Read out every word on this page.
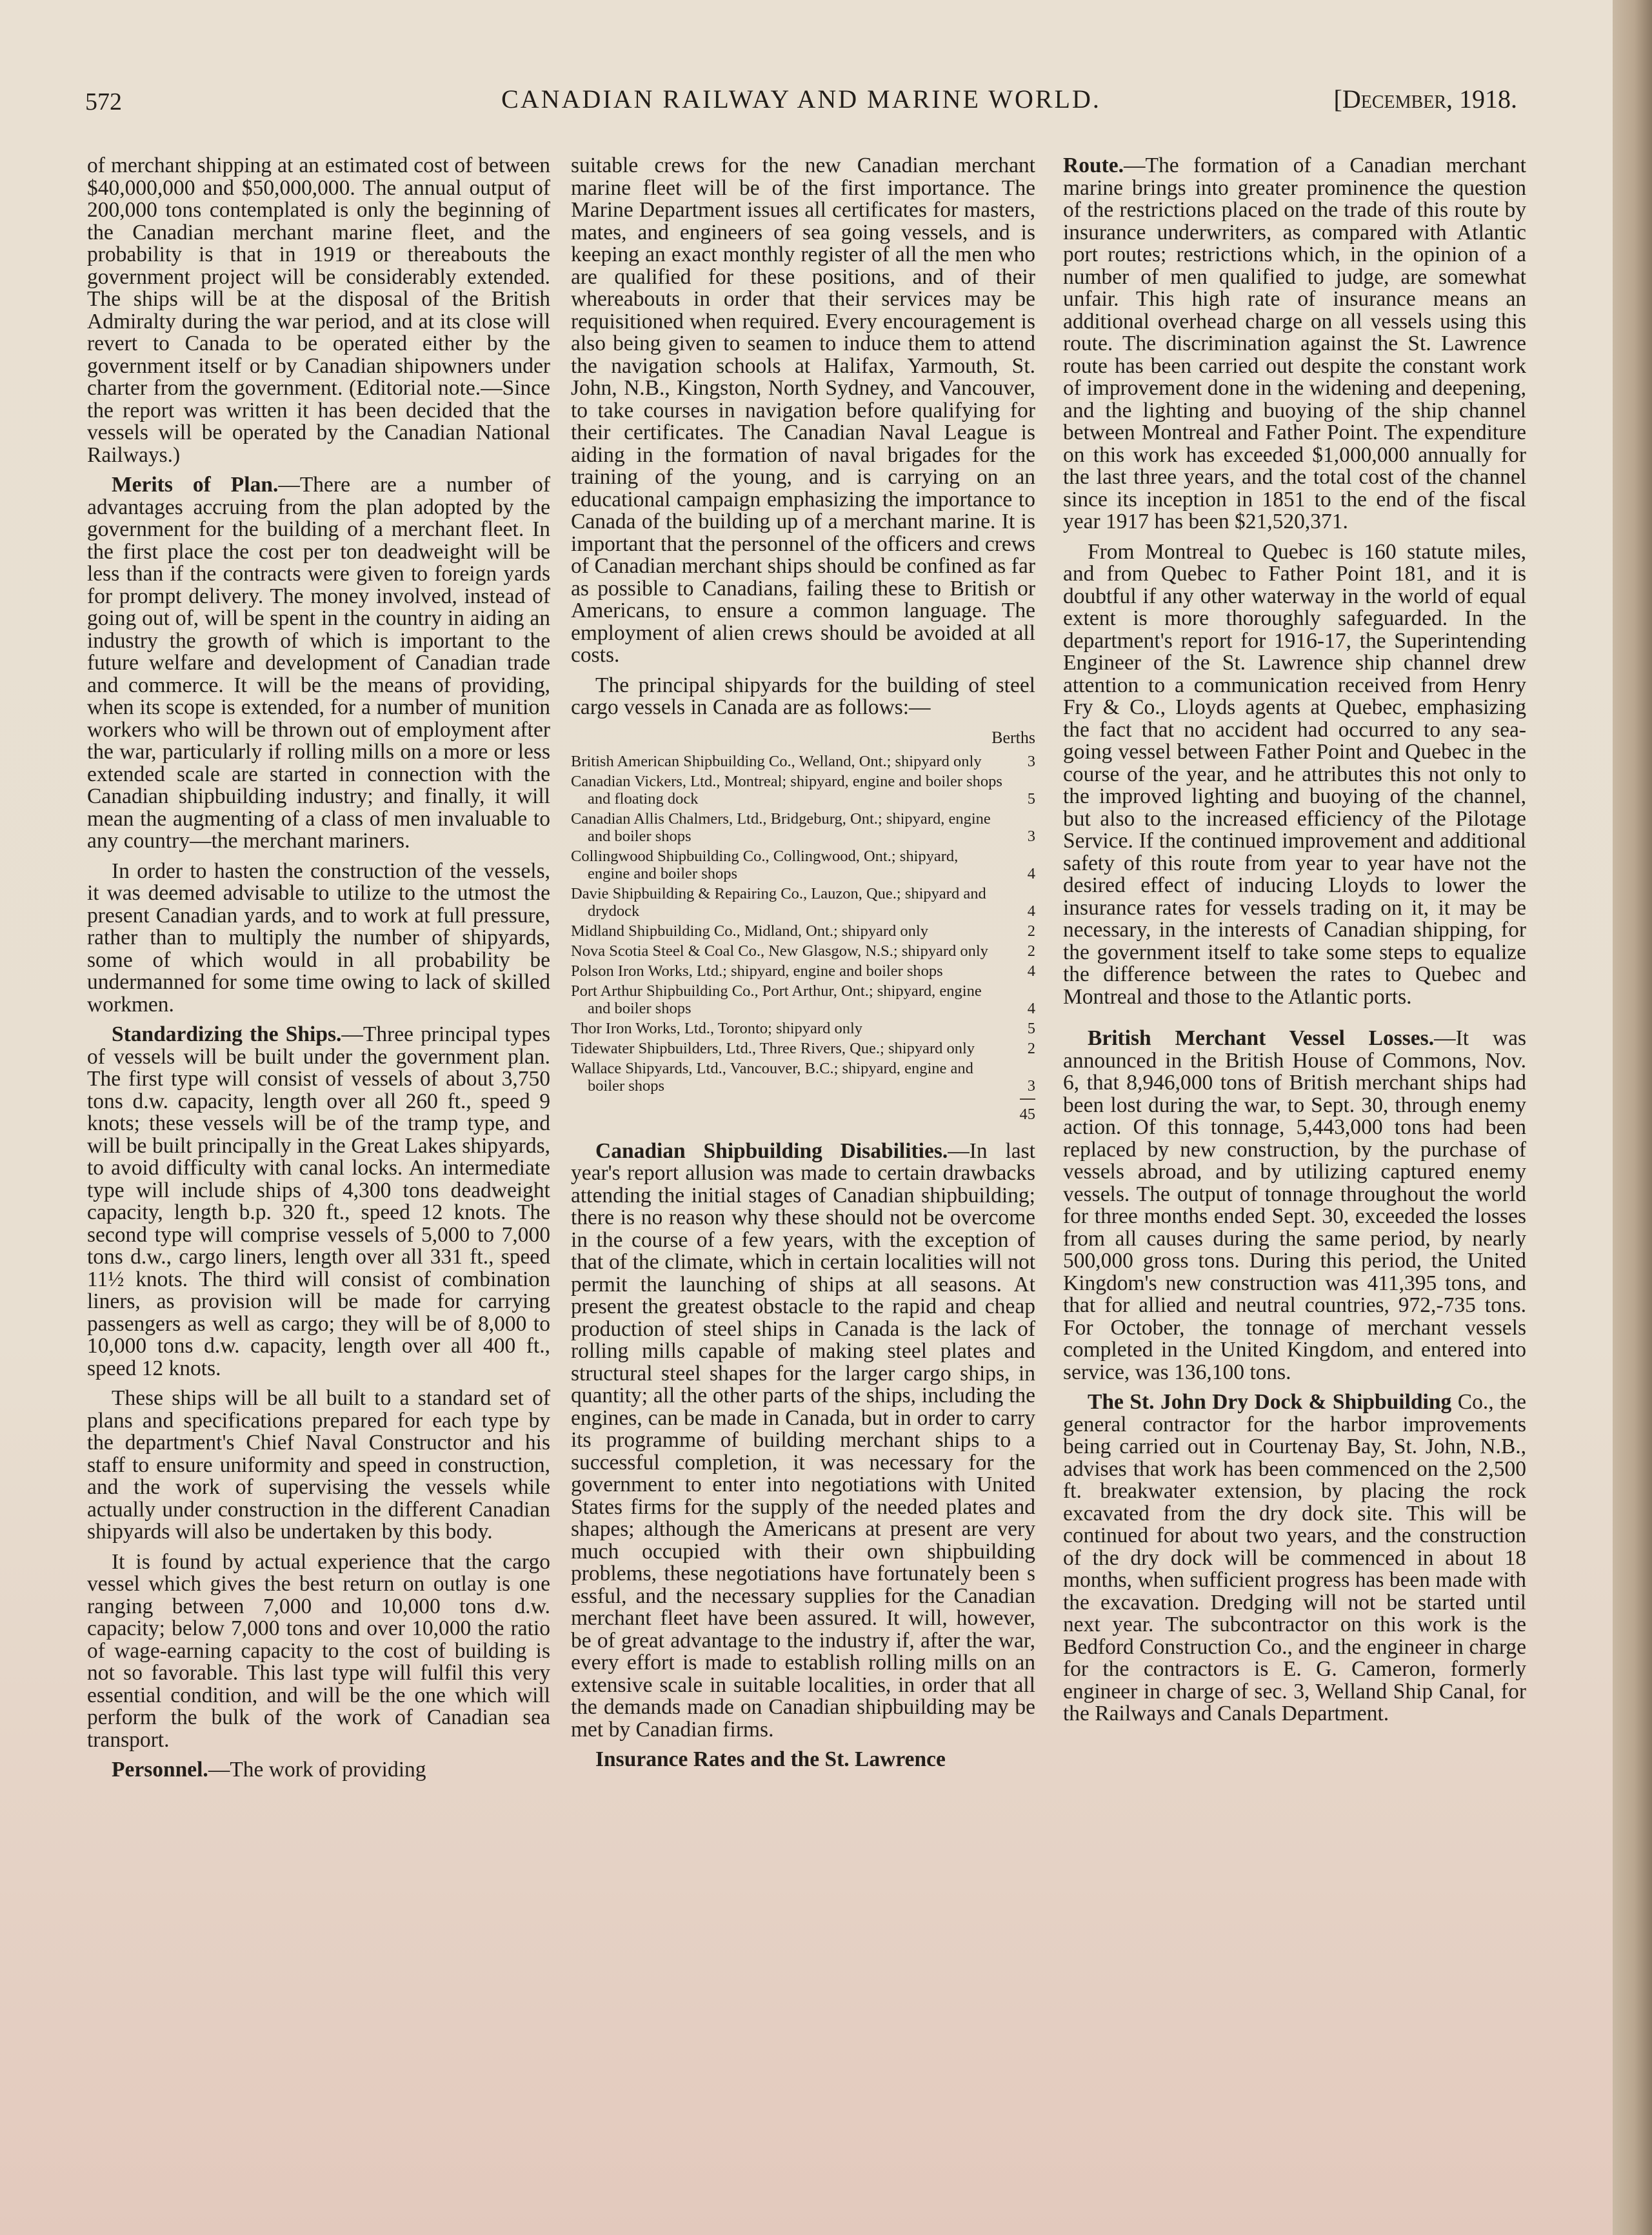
572	CANADIAN RAILWAY AND MARINE WORLD.	[December, 1918.

of merchant shipping at an estimated cost of between $40,000,000 and $50,000,000. The annual output of 200,000 tons contemplated is only the beginning of the Canadian merchant marine fleet, and the probability is that in 1919 or thereabouts the government project will be considerably extended. The ships will be at the disposal of the British Admiralty during the war period, and at its close will revert to Canada to be operated either by the government itself or by Canadian shipowners under charter from the government. (Editorial note.—Since the report was written it has been decided that the vessels will be operated by the Canadian National Railways.)

Merits of Plan.—There are a number of advantages accruing from the plan adopted by the government for the building of a merchant fleet. In the first place the cost per ton deadweight will be less than if the contracts were given to foreign yards for prompt delivery. The money involved, instead of going out of, will be spent in the country in aiding an industry the growth of which is important to the future welfare and development of Canadian trade and commerce. It will be the means of providing, when its scope is extended, for a number of munition workers who will be thrown out of employment after the war, particularly if rolling mills on a more or less extended scale are started in connection with the Canadian shipbuilding industry; and finally, it will mean the augmenting of a class of men invaluable to any country—the merchant mariners.

In order to hasten the construction of the vessels, it was deemed advisable to utilize to the utmost the present Canadian yards, and to work at full pressure, rather than to multiply the number of shipyards, some of which would in all probability be undermanned for some time owing to lack of skilled workmen.

Standardizing the Ships.—Three principal types of vessels will be built under the government plan. The first type will consist of vessels of about 3,750 tons d.w. capacity, length over all 260 ft., speed 9 knots; these vessels will be of the tramp type, and will be built principally in the Great Lakes shipyards, to avoid difficulty with canal locks. An intermediate type will include ships of 4,300 tons deadweight capacity, length b.p. 320 ft., speed 12 knots. The second type will comprise vessels of 5,000 to 7,000 tons d.w., cargo liners, length over all 331 ft., speed 11½ knots. The third will consist of combination liners, as provision will be made for carrying passengers as well as cargo; they will be of 8,000 to 10,000 tons d.w. capacity, length over all 400 ft., speed 12 knots.

These ships will be all built to a standard set of plans and specifications prepared for each type by the department's Chief Naval Constructor and his staff to ensure uniformity and speed in construction, and the work of supervising the vessels while actually under construction in the different Canadian shipyards will also be undertaken by this body.

It is found by actual experience that the cargo vessel which gives the best return on outlay is one ranging between 7,000 and 10,000 tons d.w. capacity; below 7,000 tons and over 10,000 the ratio of wage-earning capacity to the cost of building is not so favorable. This last type will fulfil this very essential condition, and will be the one which will perform the bulk of the work of Canadian sea transport.

Personnel.—The work of providing

suitable crews for the new Canadian merchant marine fleet will be of the first importance. The Marine Department issues all certificates for masters, mates, and engineers of sea going vessels, and is keeping an exact monthly register of all the men who are qualified for these positions, and of their whereabouts in order that their services may be requisitioned when required. Every encouragement is also being given to seamen to induce them to attend the navigation schools at Halifax, Yarmouth, St. John, N.B., Kingston, North Sydney, and Vancouver, to take courses in navigation before qualifying for their certificates. The Canadian Naval League is aiding in the formation of naval brigades for the training of the young, and is carrying on an educational campaign emphasizing the importance to Canada of the building up of a merchant marine. It is important that the personnel of the officers and crews of Canadian merchant ships should be confined as far as possible to Canadians, failing these to British or Americans, to ensure a common language. The employment of alien crews should be avoided at all costs.

The principal shipyards for the building of steel cargo vessels in Canada are as follows:—

Berths
British American Shipbuilding Co., Welland, Ont.; shipyard only	3
Canadian Vickers, Ltd., Montreal; shipyard, engine and boiler shops and floating dock	5
Canadian Allis Chalmers, Ltd., Bridgeburg, Ont.; shipyard, engine and boiler shops	3
Collingwood Shipbuilding Co., Collingwood, Ont.; shipyard, engine and boiler shops	4
Davie Shipbuilding & Repairing Co., Lauzon, Que.; shipyard and drydock	4
Midland Shipbuilding Co., Midland, Ont.; shipyard only	2
Nova Scotia Steel & Coal Co., New Glasgow, N.S.; shipyard only	2
Polson Iron Works, Ltd.; shipyard, engine and boiler shops	4
Port Arthur Shipbuilding Co., Port Arthur, Ont.; shipyard, engine and boiler shops	4
Thor Iron Works, Ltd., Toronto; shipyard only	5
Tidewater Shipbuilders, Ltd., Three Rivers, Que.; shipyard only	2
Wallace Shipyards, Ltd., Vancouver, B.C.; shipyard, engine and boiler shops	3
45

Canadian Shipbuilding Disabilities.—In last year's report allusion was made to certain drawbacks attending the initial stages of Canadian shipbuilding; there is no reason why these should not be overcome in the course of a few years, with the exception of that of the climate, which in certain localities will not permit the launching of ships at all seasons. At present the greatest obstacle to the rapid and cheap production of steel ships in Canada is the lack of rolling mills capable of making steel plates and structural steel shapes for the larger cargo ships, in quantity; all the other parts of the ships, including the engines, can be made in Canada, but in order to carry its programme of building merchant ships to a successful completion, it was necessary for the government to enter into negotiations with United States firms for the supply of the needed plates and shapes; although the Americans at present are very much occupied with their own shipbuilding problems, these negotiations have fortunately been s essful, and the necessary supplies for the Canadian merchant fleet have been assured. It will, however, be of great advantage to the industry if, after the war, every effort is made to establish rolling mills on an extensive scale in suitable localities, in order that all the demands made on Canadian shipbuilding may be met by Canadian firms.

Insurance Rates and the St. Lawrence

Route.—The formation of a Canadian merchant marine brings into greater prominence the question of the restrictions placed on the trade of this route by insurance underwriters, as compared with Atlantic port routes; restrictions which, in the opinion of a number of men qualified to judge, are somewhat unfair. This high rate of insurance means an additional overhead charge on all vessels using this route. The discrimination against the St. Lawrence route has been carried out despite the constant work of improvement done in the widening and deepening, and the lighting and buoying of the ship channel between Montreal and Father Point. The expenditure on this work has exceeded $1,000,000 annually for the last three years, and the total cost of the channel since its inception in 1851 to the end of the fiscal year 1917 has been $21,520,371.

From Montreal to Quebec is 160 statute miles, and from Quebec to Father Point 181, and it is doubtful if any other waterway in the world of equal extent is more thoroughly safeguarded. In the department's report for 1916-17, the Superintending Engineer of the St. Lawrence ship channel drew attention to a communication received from Henry Fry & Co., Lloyds agents at Quebec, emphasizing the fact that no accident had occurred to any sea-going vessel between Father Point and Quebec in the course of the year, and he attributes this not only to the improved lighting and buoying of the channel, but also to the increased efficiency of the Pilotage Service. If the continued improvement and additional safety of this route from year to year have not the desired effect of inducing Lloyds to lower the insurance rates for vessels trading on it, it may be necessary, in the interests of Canadian shipping, for the government itself to take some steps to equalize the difference between the rates to Quebec and Montreal and those to the Atlantic ports.

British Merchant Vessel Losses.—It was announced in the British House of Commons, Nov. 6, that 8,946,000 tons of British merchant ships had been lost during the war, to Sept. 30, through enemy action. Of this tonnage, 5,443,000 tons had been replaced by new construction, by the purchase of vessels abroad, and by utilizing captured enemy vessels. The output of tonnage throughout the world for three months ended Sept. 30, exceeded the losses from all causes during the same period, by nearly 500,000 gross tons. During this period, the United Kingdom's new construction was 411,395 tons, and that for allied and neutral countries, 972,-735 tons. For October, the tonnage of merchant vessels completed in the United Kingdom, and entered into service, was 136,100 tons.

The St. John Dry Dock & Shipbuilding Co., the general contractor for the harbor improvements being carried out in Courtenay Bay, St. John, N.B., advises that work has been commenced on the 2,500 ft. breakwater extension, by placing the rock excavated from the dry dock site. This will be continued for about two years, and the construction of the dry dock will be commenced in about 18 months, when sufficient progress has been made with the excavation. Dredging will not be started until next year. The subcontractor on this work is the Bedford Construction Co., and the engineer in charge for the contractors is E. G. Cameron, formerly engineer in charge of sec. 3, Welland Ship Canal, for the Railways and Canals Department.
